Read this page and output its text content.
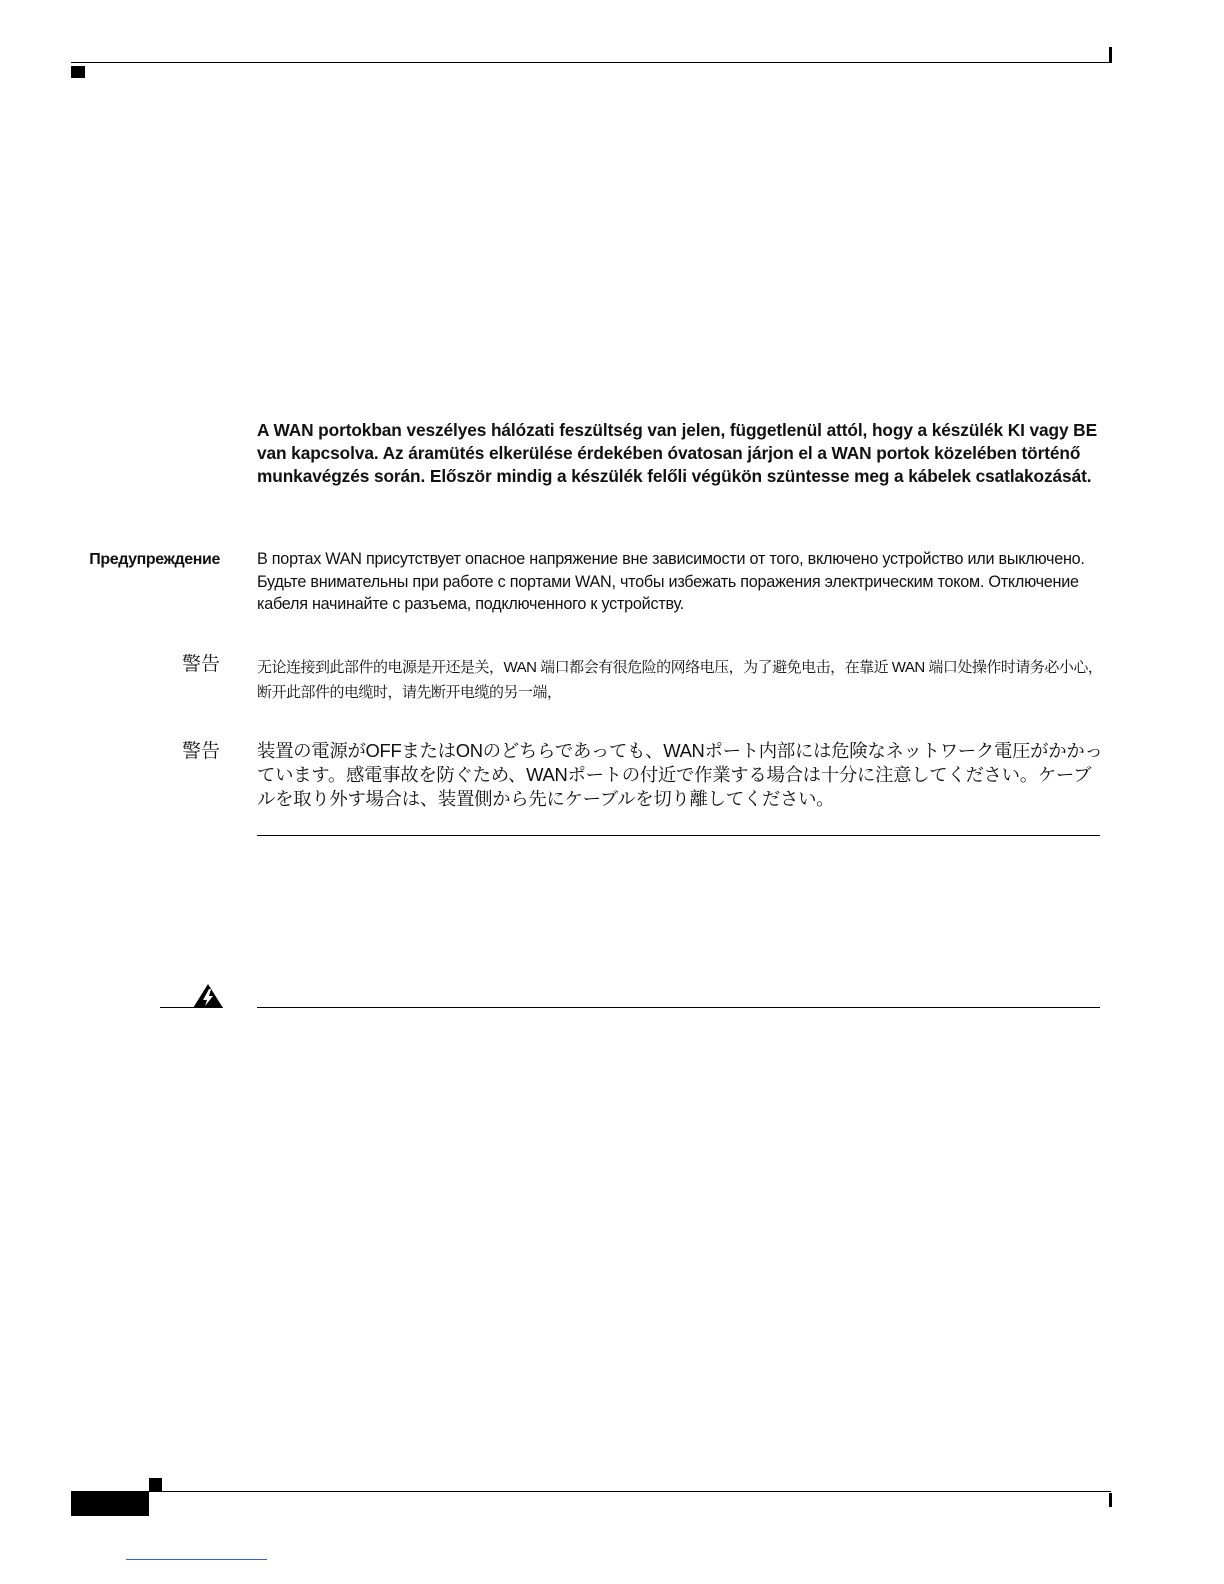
A WAN portokban veszélyes hálózati feszültség van jelen, függetlenül attól, hogy a készülék KI vagy BE van kapcsolva. Az áramütés elkerülése érdekében óvatosan járjon el a WAN portok közelében történő munkavégzés során. Először mindig a készülék felőli végükön szüntesse meg a kábelek csatlakozását.

Предупреждение В портах WAN присутствует опасное напряжение вне зависимости от того, включено устройство или выключено. Будьте внимательны при работе с портами WAN, чтобы избежать поражения электрическим током. Отключение кабеля начинайте с разъема, подключенного к устройству.

警告 无论连接到此部件的电源是开还是关，WAN 端口都会有很危险的网络电压，为了避免电击，在靠近 WAN 端口处操作时请务必小心，断开此部件的电缆时，请先断开电缆的另一端，

警告 装置の電源がOFFまたはONのどちらであっても、WANポート内部には危険なネットワーク電圧がかかっています。感電事故を防ぐため、WANポートの付近で作業する場合は十分に注意してください。ケーブルを取り外す場合は、装置側から先にケーブルを切り離してください。
